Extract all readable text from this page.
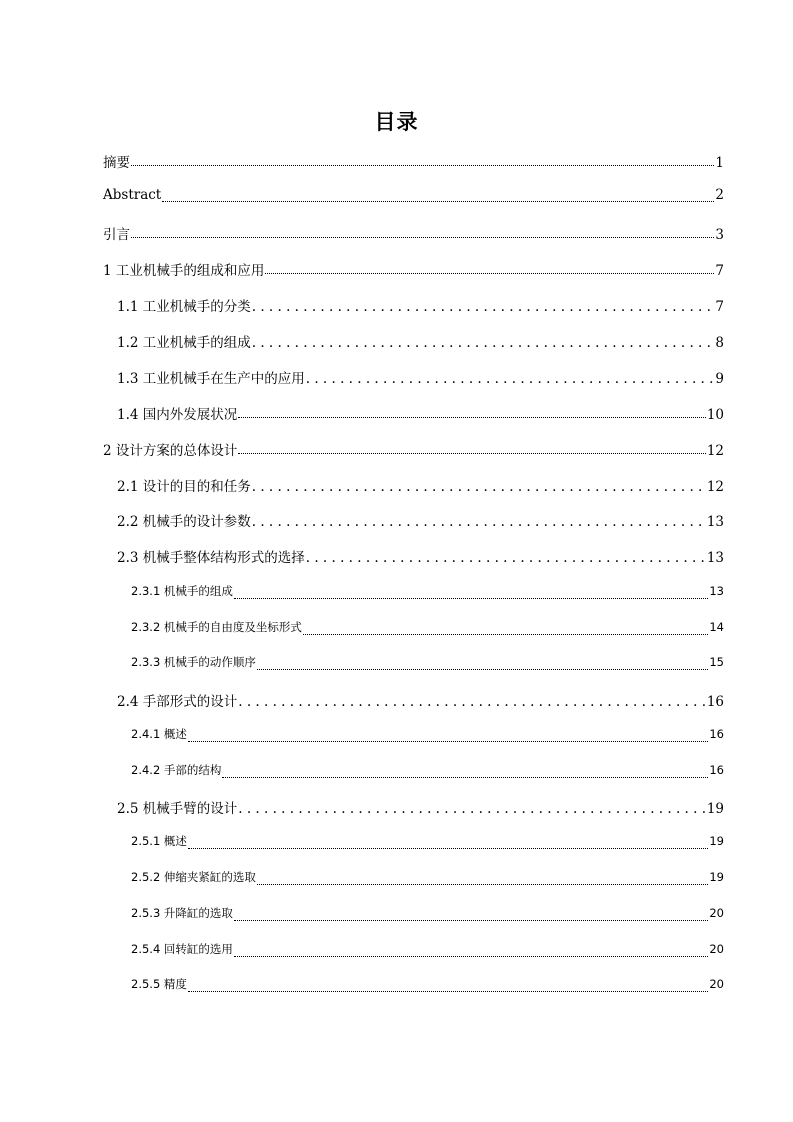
目录
摘要	1
Abstract	2
引言	3
1 工业机械手的组成和应用	7
1.1 工业机械手的分类 . . .	7
1.2 工业机械手的组成 . . .	8
1.3 工业机械手在生产中的应用 . . .	9
1.4 国内外发展状况	10
2 设计方案的总体设计	12
2.1 设计的目的和任务 . . .	12
2.2 机械手的设计参数 . . .	13
2.3 机械手整体结构形式的选择 . . .	13
2.3.1 机械手的组成	13
2.3.2 机械手的自由度及坐标形式	14
2.3.3 机械手的动作顺序	15
2.4 手部形式的设计 . . .	16
2.4.1 概述	16
2.4.2 手部的结构	16
2.5 机械手臂的设计 . . .	19
2.5.1 概述	19
2.5.2 伸缩夹紧缸的选取	19
2.5.3 升降缸的选取	20
2.5.4 回转缸的选用	20
2.5.5 精度	20
